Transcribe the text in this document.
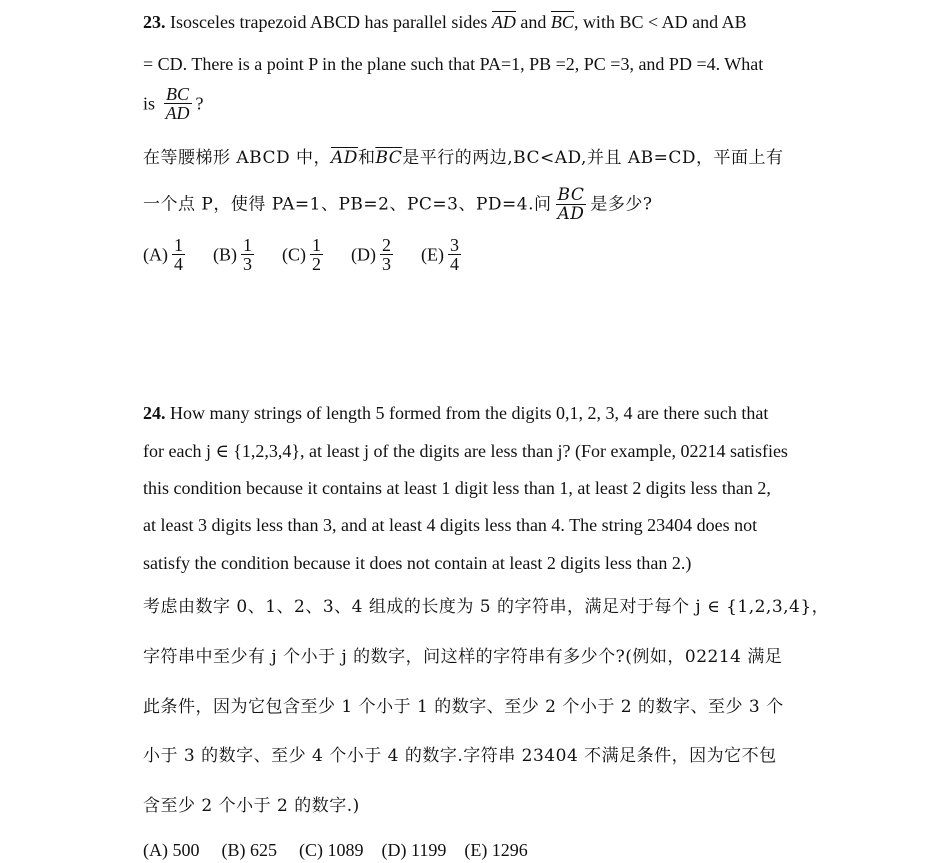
23. Isosceles trapezoid ABCD has parallel sides $\overline{AD}$ and $\overline{BC}$, with BC < AD and AB
= CD. There is a point P in the plane such that PA=1, PB =2, PC =3, and PD =4. What
is $\frac{BC}{AD}$ ?
在等腰梯形 ABCD 中，$\overline{AD}$和$\overline{BC}$是平行的两边,BC<AD,并且 AB=CD，平面上有
一个点 P，使得 PA=1、PB=2、PC=3、PD=4.问 $\frac{BC}{AD}$ 是多少?
$(A) \frac{1}{4} (B) \frac{1}{3} (C) \frac{1}{2} (D) \frac{2}{3} (E) \frac{3}{4}$
24. How many strings of length 5 formed from the digits 0,1, 2, 3, 4 are there such that
for each j ∈ {1,2,3,4}, at least j of the digits are less than j? (For example, 02214 satisfies
this condition because it contains at least 1 digit less than 1, at least 2 digits less than 2,
at least 3 digits less than 3, and at least 4 digits less than 4. The string 23404 does not
satisfy the condition because it does not contain at least 2 digits less than 2.)
考虑由数字 0、1、2、3、4 组成的长度为 5 的字符串，满足对于每个 j ∈ {1,2,3,4}，
字符串中至少有 j 个小于 j 的数字，问这样的字符串有多少个?(例如，02214 满足
此条件，因为它包含至少 1 个小于 1 的数字、至少 2 个小于 2 的数字、至少 3 个
小于 3 的数字、至少 4 个小于 4 的数字.字符串 23404 不满足条件，因为它不包
含至少 2 个小于 2 的数字.)
(A) 500 (B) 625 (C) 1089 (D) 1199 (E) 1296
